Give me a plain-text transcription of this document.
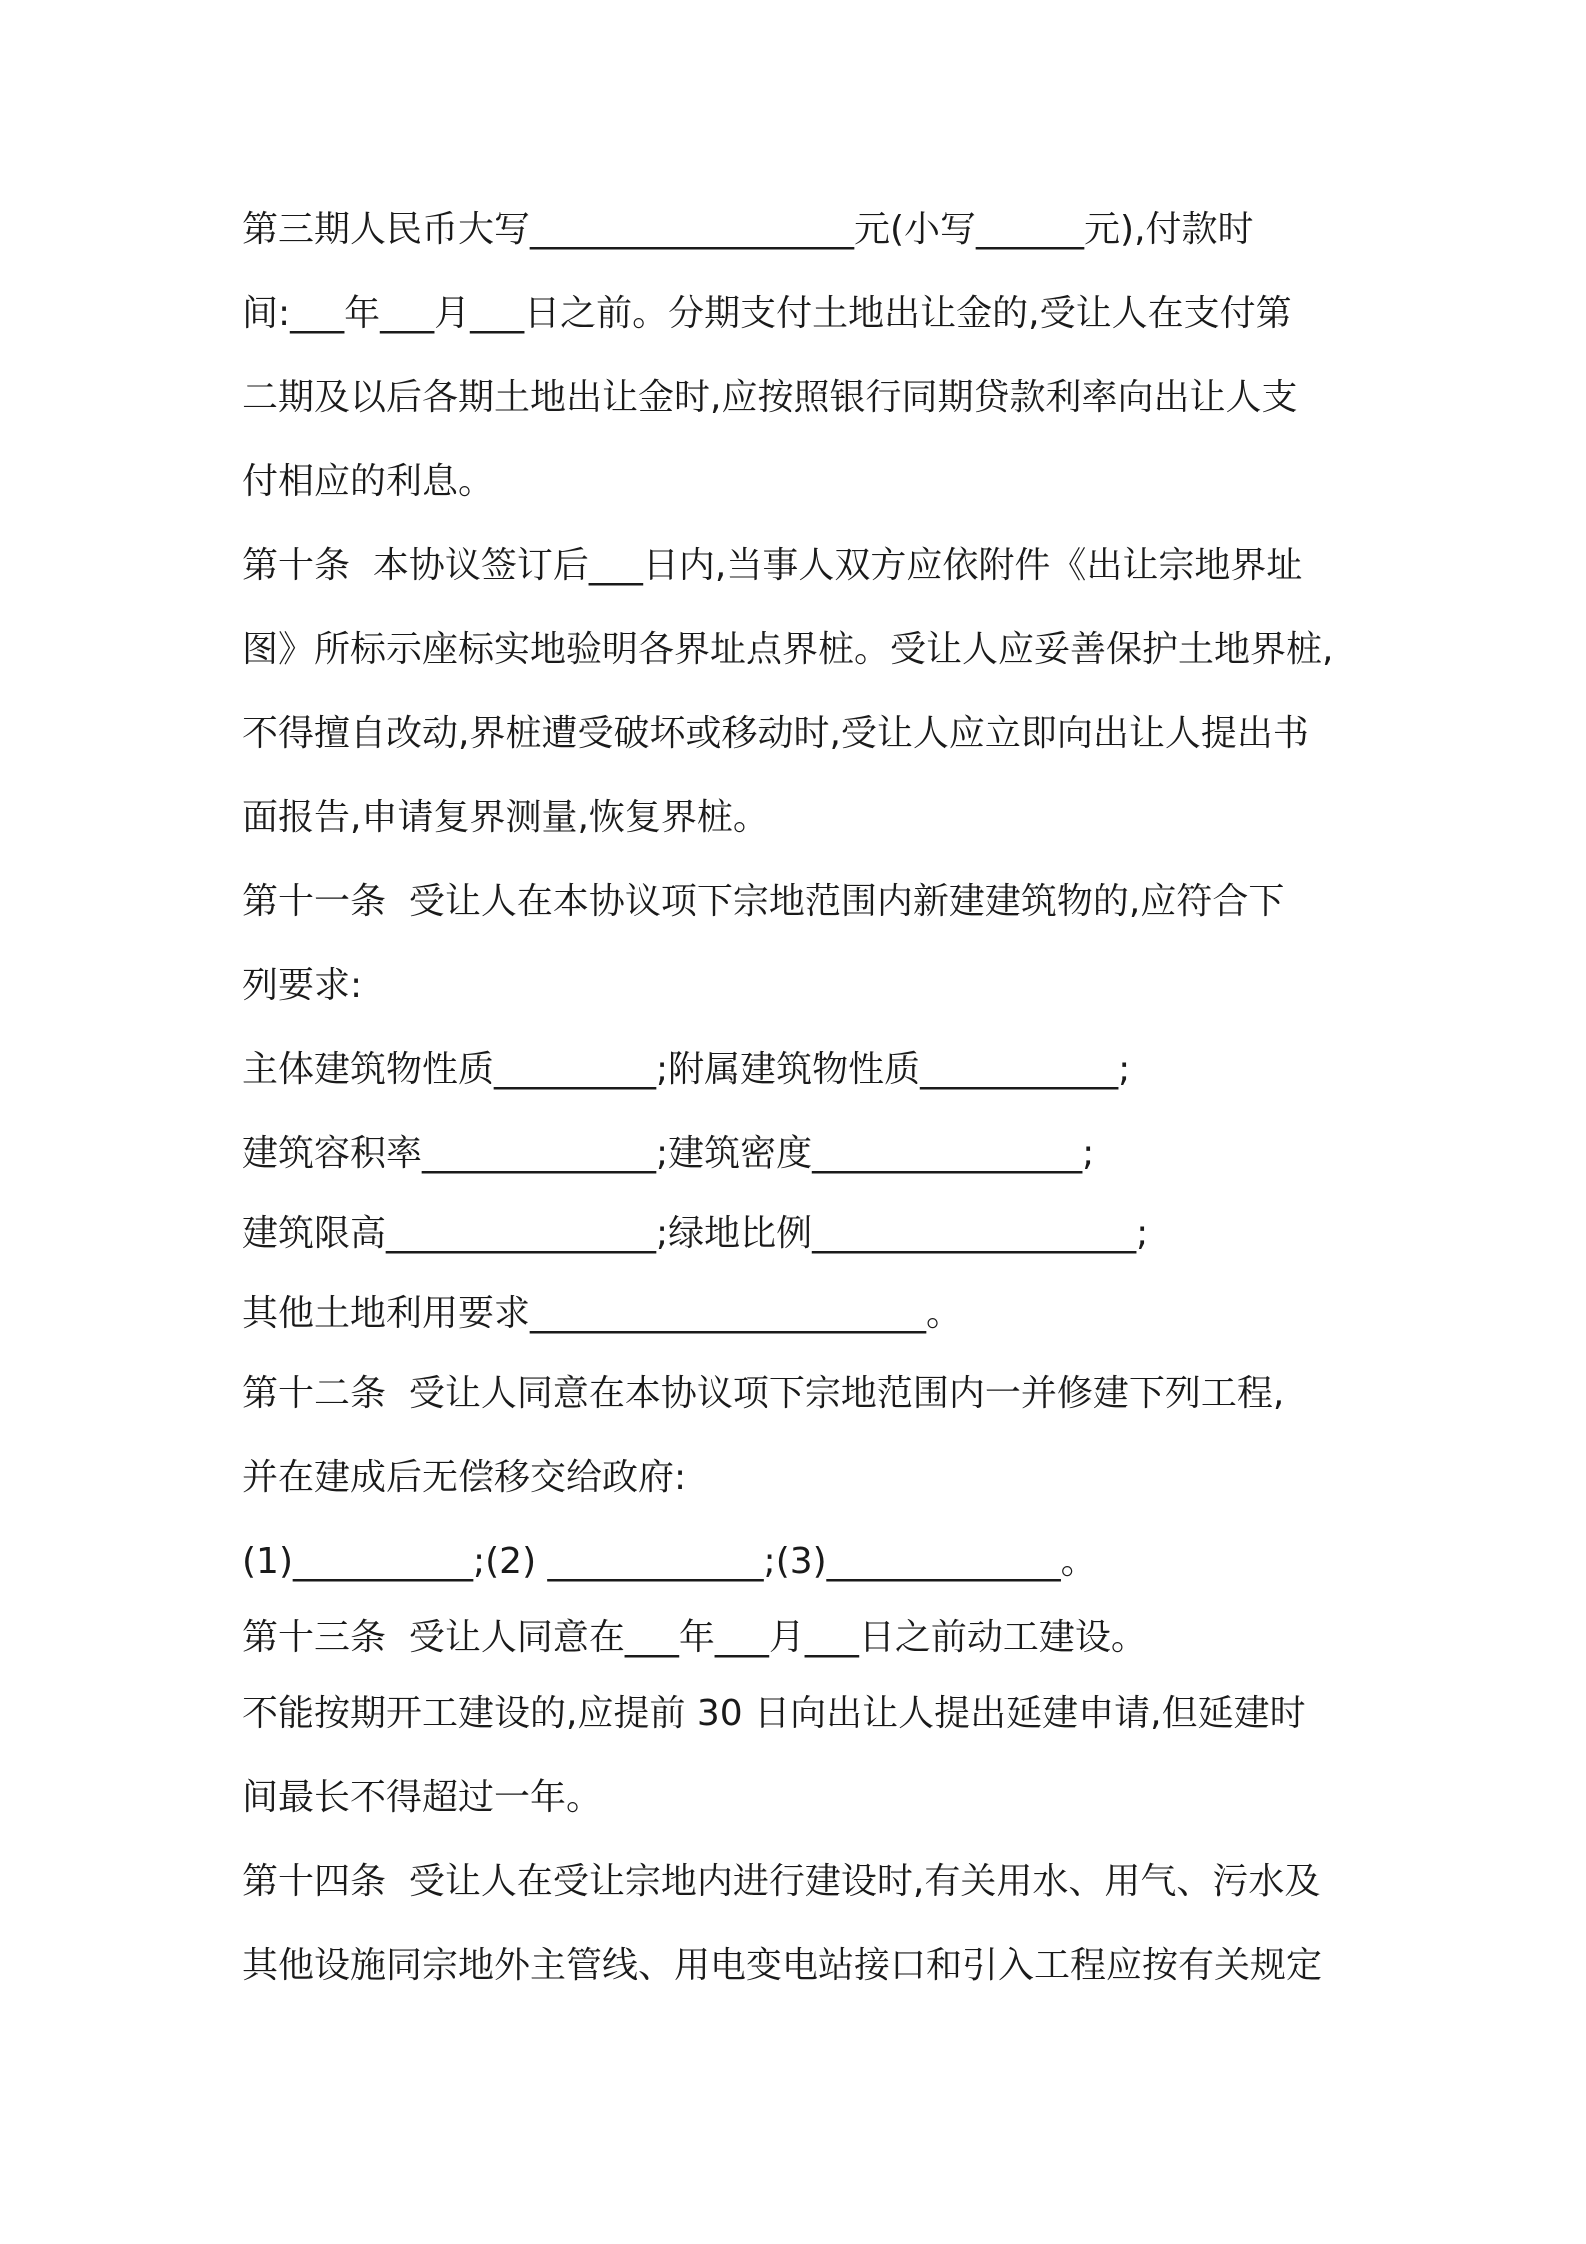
第三期人民币大写__________________元(小写______元),付款时
间:___年___月___日之前。分期支付土地出让金的,受让人在支付第
二期及以后各期土地出让金时,应按照银行同期贷款利率向出让人支
付相应的利息。
第十条  本协议签订后___日内,当事人双方应依附件《出让宗地界址
图》所标示座标实地验明各界址点界桩。受让人应妥善保护土地界桩,
不得擅自改动,界桩遭受破坏或移动时,受让人应立即向出让人提出书
面报告,申请复界测量,恢复界桩。
第十一条  受让人在本协议项下宗地范围内新建建筑物的,应符合下
列要求:
主体建筑物性质_________;附属建筑物性质___________;
建筑容积率_____________;建筑密度_______________;
建筑限高_______________;绿地比例__________________;
其他土地利用要求______________________。
第十二条  受让人同意在本协议项下宗地范围内一并修建下列工程,
并在建成后无偿移交给政府:
(1)__________;(2) ____________;(3)_____________。
第十三条  受让人同意在___年___月___日之前动工建设。
不能按期开工建设的,应提前 30 日向出让人提出延建申请,但延建时
间最长不得超过一年。
第十四条  受让人在受让宗地内进行建设时,有关用水、用气、污水及
其他设施同宗地外主管线、用电变电站接口和引入工程应按有关规定
